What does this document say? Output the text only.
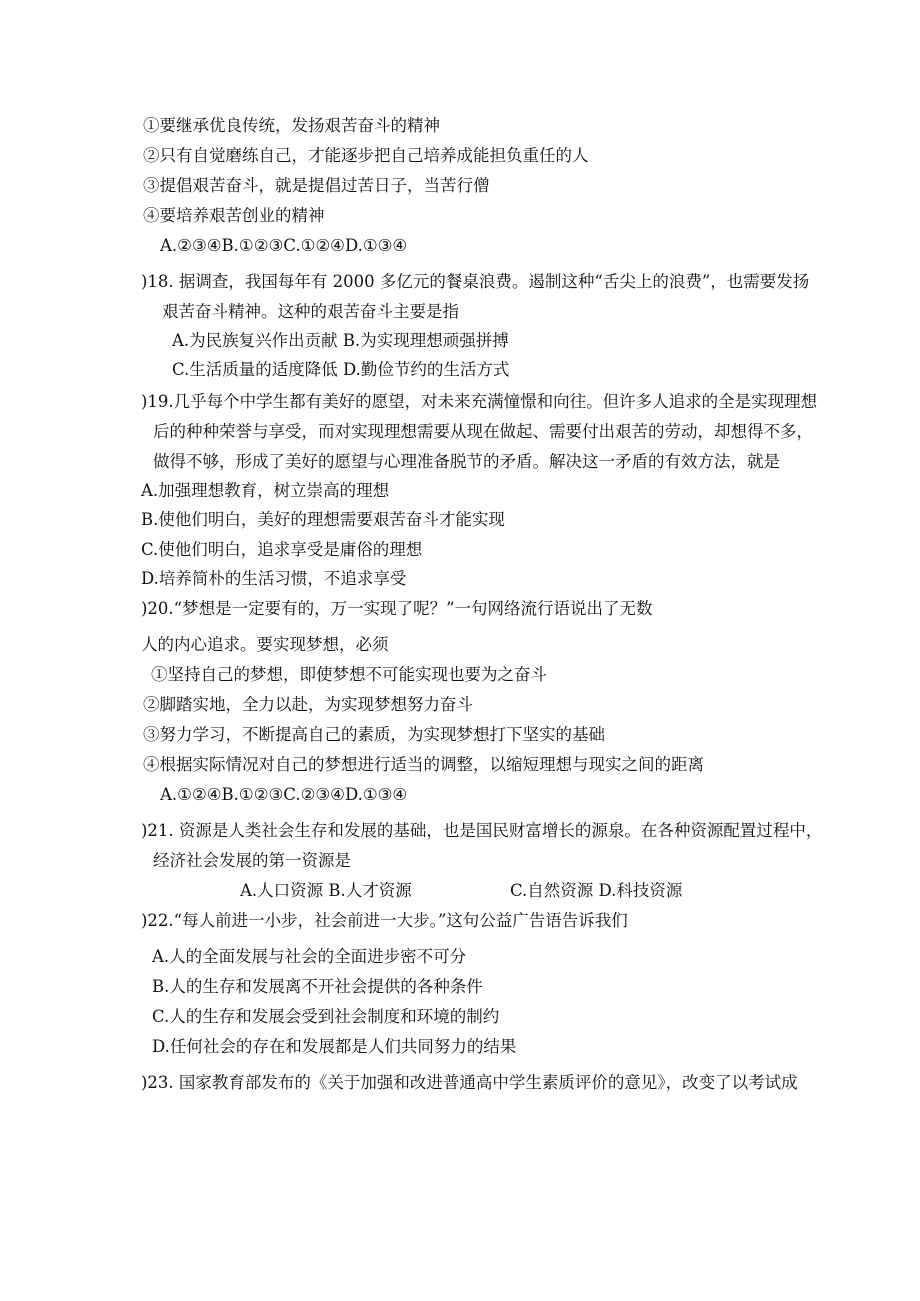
①要继承优良传统，发扬艰苦奋斗的精神
②只有自觉磨练自己，才能逐步把自己培养成能担负重任的人
③提倡艰苦奋斗，就是提倡过苦日子，当苦行僧
④要培养艰苦创业的精神
A.②③④B.①②③C.①②④D.①③④
)18. 据调查，我国每年有 2000 多亿元的餐桌浪费。遏制这种“舌尖上的浪费”，也需要发扬
艰苦奋斗精神。这种的艰苦奋斗主要是指
A.为民族复兴作出贡献 B.为实现理想顽强拼搏
C.生活质量的适度降低 D.勤俭节约的生活方式
)19.几乎每个中学生都有美好的愿望，对未来充满憧憬和向往。但许多人追求的全是实现理想
后的种种荣誉与享受，而对实现理想需要从现在做起、需要付出艰苦的劳动，却想得不多，
做得不够，形成了美好的愿望与心理准备脱节的矛盾。解决这一矛盾的有效方法，就是
A.加强理想教育，树立崇高的理想
B.使他们明白，美好的理想需要艰苦奋斗才能实现
C.使他们明白，追求享受是庸俗的理想
D.培养简朴的生活习惯，不追求享受
)20.“梦想是一定要有的，万一实现了呢？”一句网络流行语说出了无数
人的内心追求。要实现梦想，必须
①坚持自己的梦想，即使梦想不可能实现也要为之奋斗
②脚踏实地，全力以赴，为实现梦想努力奋斗
③努力学习，不断提高自己的素质，为实现梦想打下坚实的基础
④根据实际情况对自己的梦想进行适当的调整，以缩短理想与现实之间的距离
A.①②④B.①②③C.②③④D.①③④
)21. 资源是人类社会生存和发展的基础，也是国民财富增长的源泉。在各种资源配置过程中，
经济社会发展的第一资源是
A.人口资源 B.人才资源	C.自然资源 D.科技资源
)22.“每人前进一小步，社会前进一大步。”这句公益广告语告诉我们
A.人的全面发展与社会的全面进步密不可分
B.人的生存和发展离不开社会提供的各种条件
C.人的生存和发展会受到社会制度和环境的制约
D.任何社会的存在和发展都是人们共同努力的结果
)23. 国家教育部发布的《关于加强和改进普通高中学生素质评价的意见》，改变了以考试成
